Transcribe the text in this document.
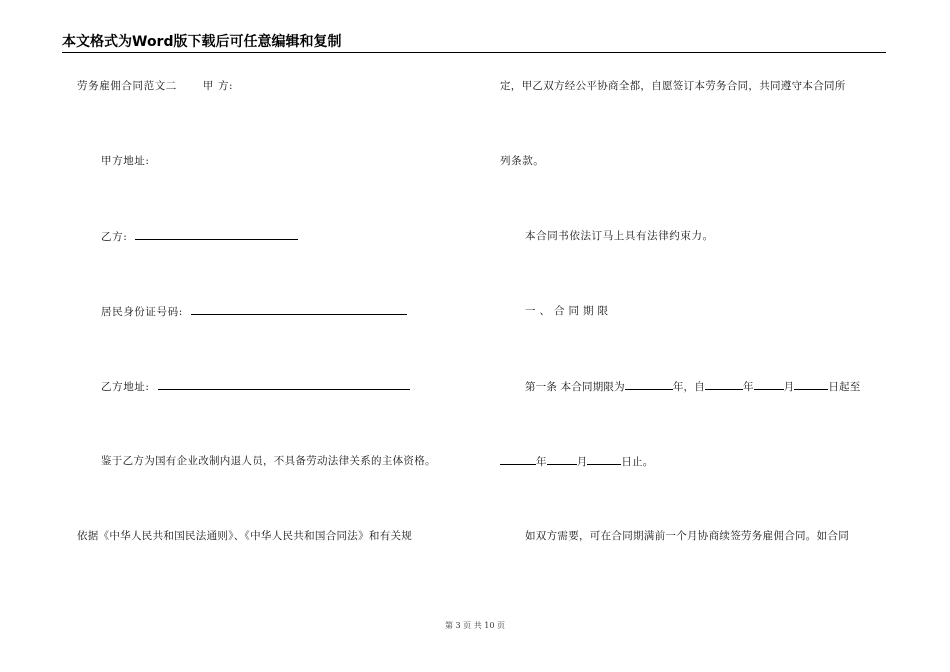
本文格式为Word版下载后可任意编辑和复制
劳务雇佣合同范文二 甲 方:
甲方地址:
乙方:
居民身份证号码:
乙方地址:
鉴于乙方为国有企业改制内退人员，不具备劳动法律关系的主体资格。
依据《中华人民共和国民法通则》、《中华人民共和国合同法》和有关规
定，甲乙双方经公平协商全都，自愿签订本劳务合同，共同遵守本合同所
列条款。
本合同书依法订马上具有法律约束力。
一、合同期限
第一条 本合同期限为	年，自	年	月	日起至
年	月	日止。
如双方需要，可在合同期满前一个月协商续签劳务雇佣合同。如合同
第 3 页 共 10 页
